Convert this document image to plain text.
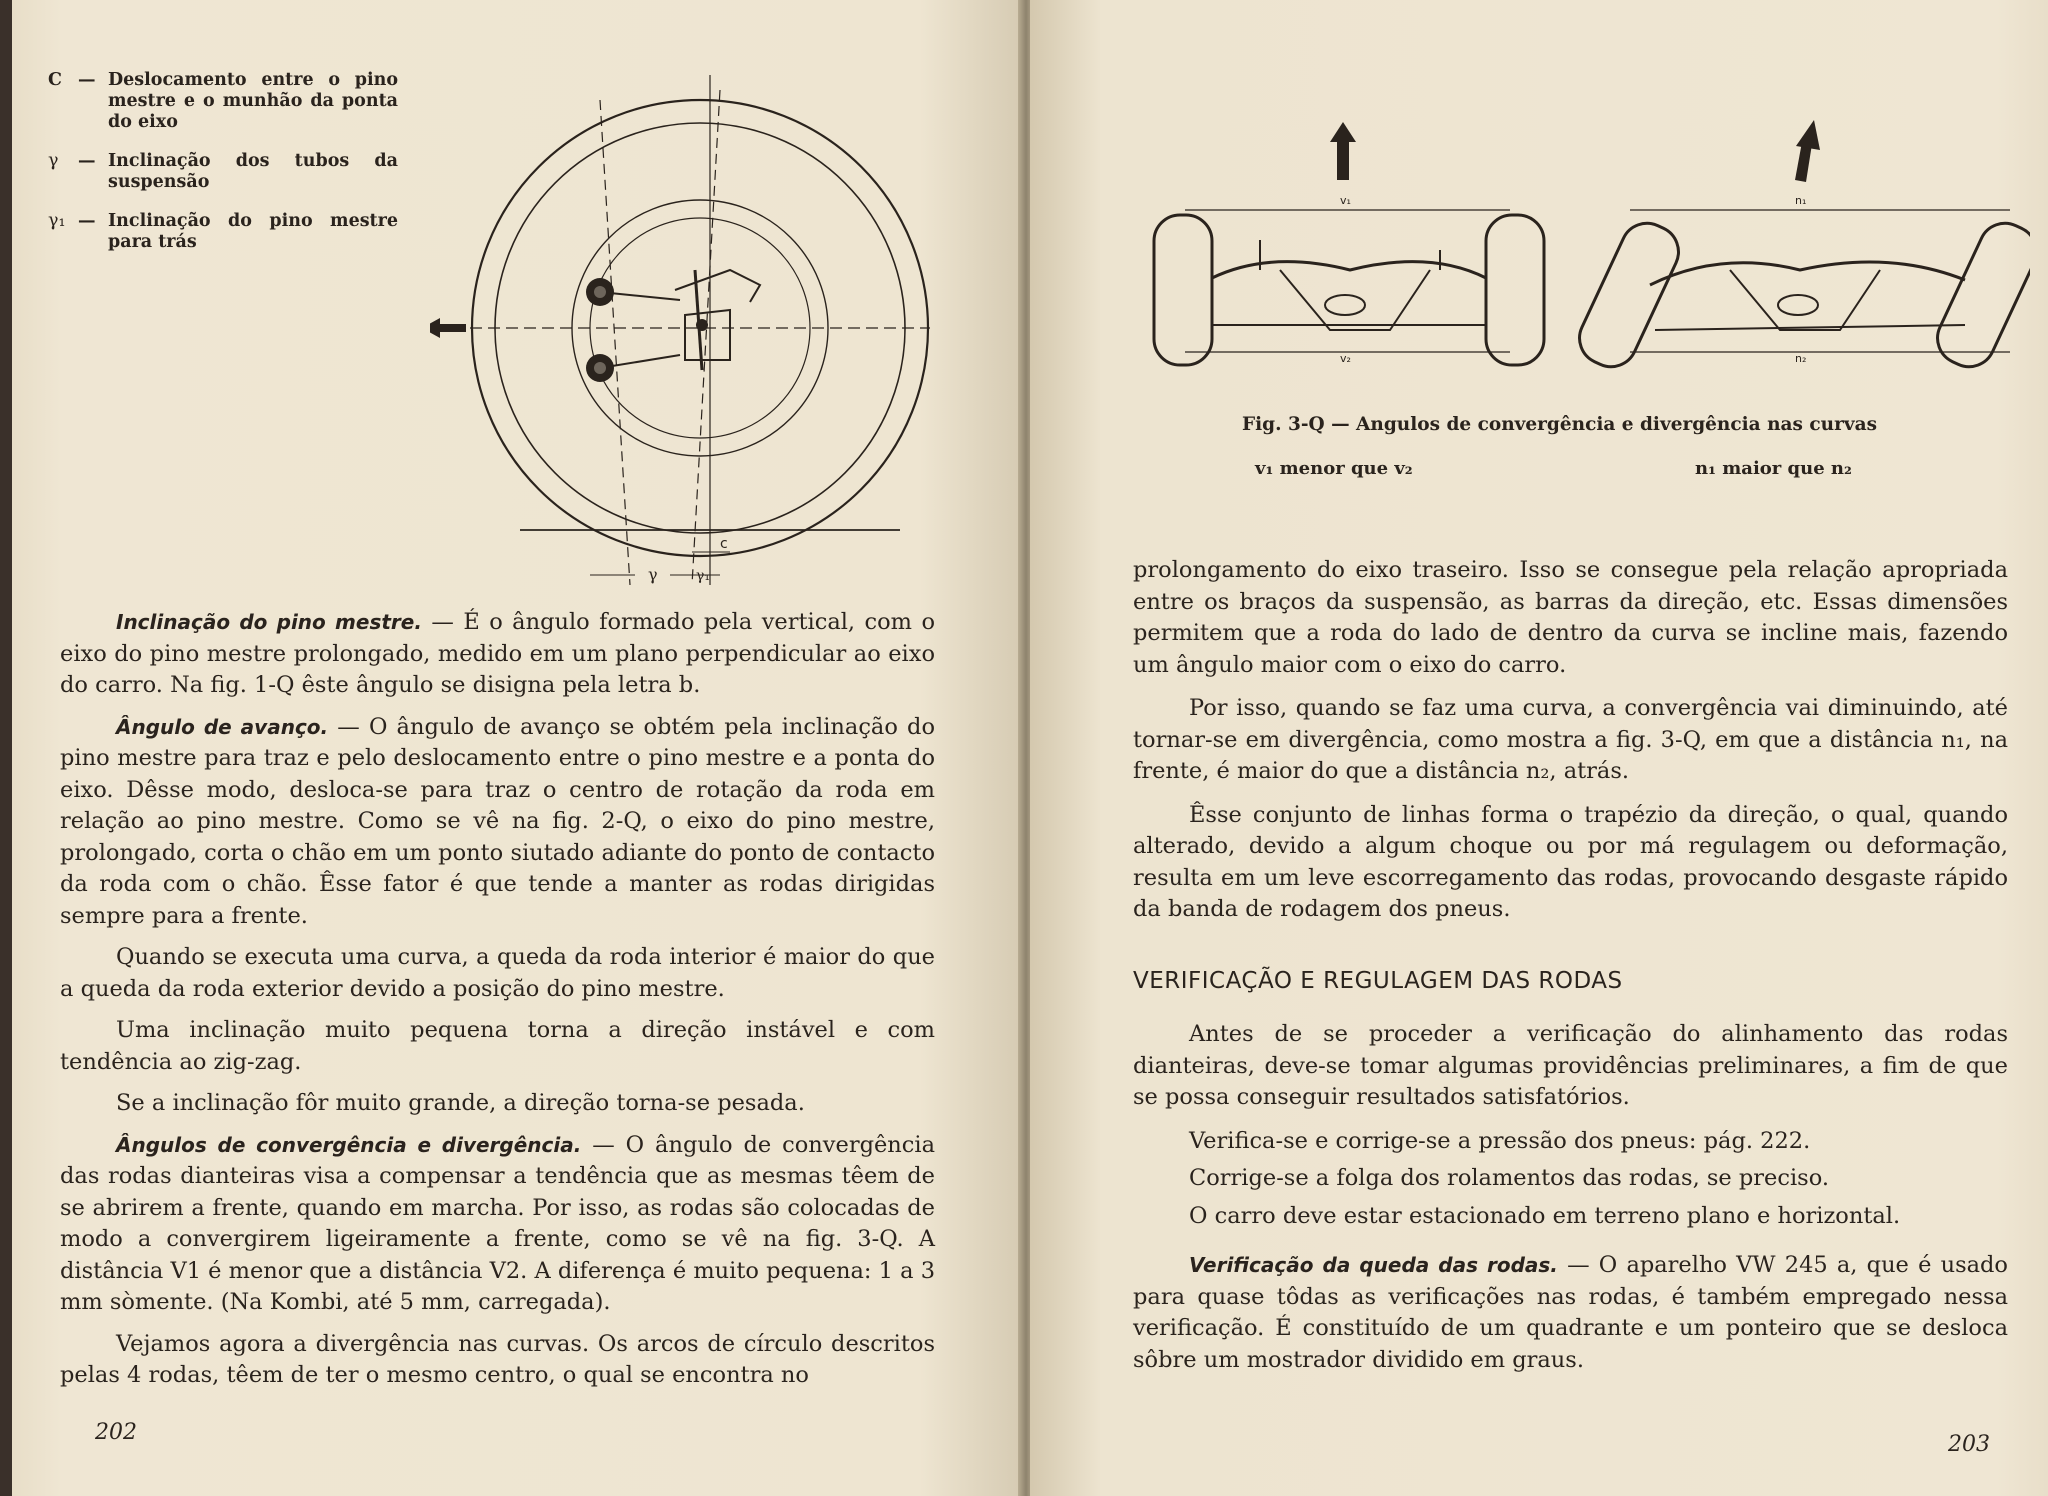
C — Deslocamento entre o pino mestre e o munhão da ponta do eixo
γ	— Inclinação dos tubos da suspensão
γ₁ — Inclinação do pino mestre para trás
c
γ	γ₁

Inclinação do pino mestre. — É o ângulo formado pela vertical, com o eixo do pino mestre prolongado, medido em um plano perpendicular ao eixo do carro. Na fig. 1-Q êste ângulo se disigna pela letra b.

Ângulo de avanço. — O ângulo de avanço se obtém pela inclinação do pino mestre para traz e pelo deslocamento entre o pino mestre e a ponta do eixo. Dêsse modo, desloca-se para traz o centro de rotação da roda em relação ao pino mestre. Como se vê na fig. 2-Q, o eixo do pino mestre, prolongado, corta o chão em um ponto siutado adiante do ponto de contacto da roda com o chão. Êsse fator é que tende a manter as rodas dirigidas sempre para a frente.

Quando se executa uma curva, a queda da roda interior é maior do que a queda da roda exterior devido a posição do pino mestre.

Uma inclinação muito pequena torna a direção instável e com tendência ao zig-zag.

Se a inclinação fôr muito grande, a direção torna-se pesada.

Ângulos de convergência e divergência. — O ângulo de convergência das rodas dianteiras visa a compensar a tendência que as mesmas têem de se abrirem a frente, quando em marcha. Por isso, as rodas são colocadas de modo a convergirem ligeiramente a frente, como se vê na fig. 3-Q. A distância V1 é menor que a distância V2. A diferença é muito pequena: 1 a 3 mm sòmente. (Na Kombi, até 5 mm, carregada).

Vejamos agora a divergência nas curvas. Os arcos de círculo descritos pelas 4 rodas, têem de ter o mesmo centro, o qual se encontra no

202
v₁
v₂
n₁
n₂
Fig. 3-Q — Angulos de convergência e divergência nas curvas
v₁ menor que v₂	n₁ maior que n₂

prolongamento do eixo traseiro. Isso se consegue pela relação apropriada entre os braços da suspensão, as barras da direção, etc. Essas dimensões permitem que a roda do lado de dentro da curva se incline mais, fazendo um ângulo maior com o eixo do carro.

Por isso, quando se faz uma curva, a convergência vai diminuindo, até tornar-se em divergência, como mostra a fig. 3-Q, em que a distância n₁, na frente, é maior do que a distância n₂, atrás.

Êsse conjunto de linhas forma o trapézio da direção, o qual, quando alterado, devido a algum choque ou por má regulagem ou deformação, resulta em um leve escorregamento das rodas, provocando desgaste rápido da banda de rodagem dos pneus.

VERIFICAÇÃO E REGULAGEM DAS RODAS

Antes de se proceder a verificação do alinhamento das rodas dianteiras, deve-se tomar algumas providências preliminares, a fim de que se possa conseguir resultados satisfatórios.

Verifica-se e corrige-se a pressão dos pneus: pág. 222.

Corrige-se a folga dos rolamentos das rodas, se preciso.

O carro deve estar estacionado em terreno plano e horizontal.

Verificação da queda das rodas. — O aparelho VW 245 a, que é usado para quase tôdas as verificações nas rodas, é também empregado nessa verificação. É constituído de um quadrante e um ponteiro que se desloca sôbre um mostrador dividido em graus.

203
